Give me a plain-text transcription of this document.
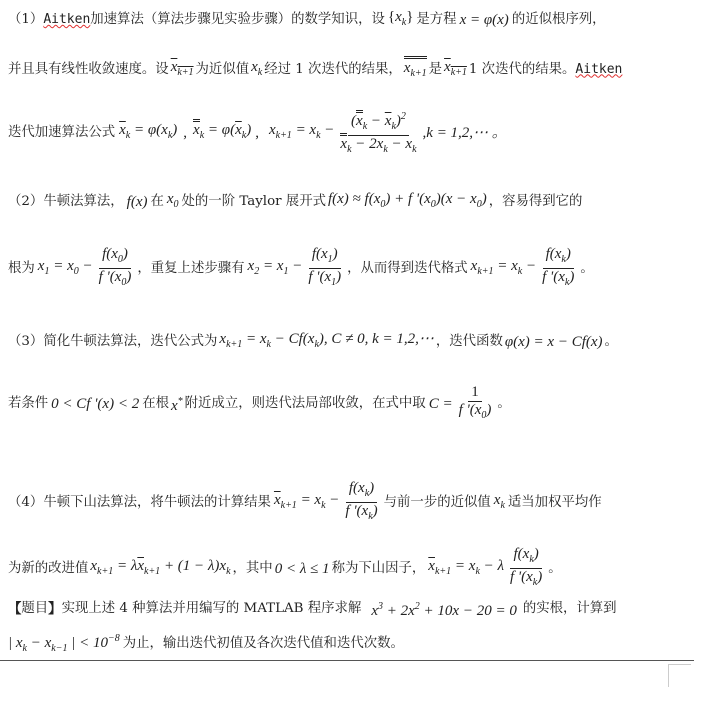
（1） Aitken 加速算法（算法步骤见实验步骤）的数学知识，设 $\{x_k\}$ 是方程 x = φ(x) 的近似根序列，
并且具有线性收敛速度。设 $x_{k+1}$ 为近似值 $x_k$ 经过 1 次迭代的结果， $x_{k+1}$ 是 $x_{k+1}$ 1 次迭代的结果。 Aitken
迭代加速算法公式 $\overline{x}_k = \varphi(x_k)$ , $x_k = \varphi(\overline{x}_k)$ , $x_{k+1} = x_k - \frac{(x_k - \overline{x}_k)^2}{x_k - 2\overline{x}_k - x_k}$ , k = 1,2,⋯ 。
（2） 牛顿法算法， f(x) 在 $x_0$ 处的一阶 Taylor 展开式 $f(x) \approx f(x_0) + f$ '$(x_0)(x - x_0)$ ，容易得到它的
根为 $x_1 = x_0 - \frac{f(x_0)}{f '(x_0)}$ ，重复上述步骤有 $x_2 = x_1 - \frac{f(x_1)}{f '(x_1)}$ ，从而得到迭代格式 $x_{k+1} = x_k - \frac{f(x_k)}{f '(x_k)}$ 。
（3） 简化牛顿法算法，迭代公式为 $x_{k+1} = x_k - Cf(x_k)$, C ≠ 0, k = 1,2,⋯ ，迭代函数 φ(x) = x − Cf(x) 。
若条件 0 < Cf '(x) < 2 在根 x* 附近成立，则迭代法局部收敛，在式中取 $C = \frac{1}{f '(x_0)}$ 。
（4） 牛顿下山法算法，将牛顿法的计算结果 $\overline{x}_{k+1} = x_k - \frac{f(x_k)}{f '(x_k)}$ 与前一步的近似值 $x_k$ 适当加权平均作
为新的改进值 $x_{k+1} = \lambda\overline{x}_{k+1} + (1 - \lambda)x_k$ ，其中 0 < λ ≤ 1 称为下山因子， $\overline{x}_{k+1} = x_k - \lambda \frac{f(x_k)}{f '(x_k)}$ 。
【 题目 】 实现上述 4 种算法并用编写的 MATLAB 程序求解 $x^3 + 2x^2 + 10x - 20 = 0$ 的实根，计算到
| $x_k - x_{k-1}$ | < $10^{-8}$ 为止，输出迭代初值及各次迭代值和迭代次数。
